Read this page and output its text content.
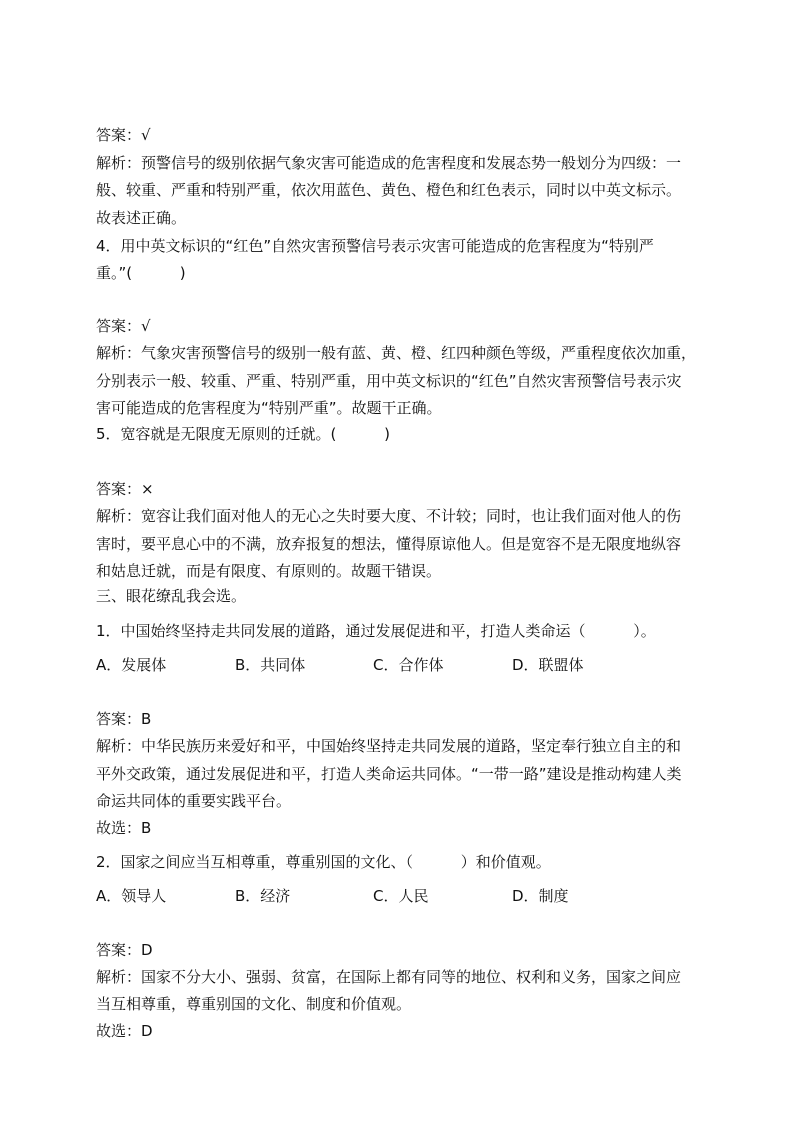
答案：√
解析：预警信号的级别依据气象灾害可能造成的危害程度和发展态势一般划分为四级：一
般、较重、严重和特别严重，依次用蓝色、黄色、橙色和红色表示，同时以中英文标示。
故表述正确。
4．用中英文标识的“红色”自然灾害预警信号表示灾害可能造成的危害程度为“特别严
重。”(          )
答案：√
解析：气象灾害预警信号的级别一般有蓝、黄、橙、红四种颜色等级，严重程度依次加重，
分别表示一般、较重、严重、特别严重，用中英文标识的“红色”自然灾害预警信号表示灾
害可能造成的危害程度为“特别严重”。故题干正确。
5．宽容就是无限度无原则的迁就。(          )
答案：×
解析：宽容让我们面对他人的无心之失时要大度、不计较；同时，也让我们面对他人的伤
害时，要平息心中的不满，放弃报复的想法，懂得原谅他人。但是宽容不是无限度地纵容
和姑息迁就，而是有限度、有原则的。故题干错误。
三、眼花缭乱我会选。
1．中国始终坚持走共同发展的道路，通过发展促进和平，打造人类命运（          ）。
A．发展体	B．共同体	C．合作体	D．联盟体
答案：B
解析：中华民族历来爱好和平，中国始终坚持走共同发展的道路，坚定奉行独立自主的和
平外交政策，通过发展促进和平，打造人类命运共同体。“一带一路”建设是推动构建人类
命运共同体的重要实践平台。
故选：B
2．国家之间应当互相尊重，尊重别国的文化、（          ）和价值观。
A．领导人	B．经济	C．人民	D．制度
答案：D
解析：国家不分大小、强弱、贫富，在国际上都有同等的地位、权利和义务，国家之间应
当互相尊重，尊重别国的文化、制度和价值观。
故选：D
